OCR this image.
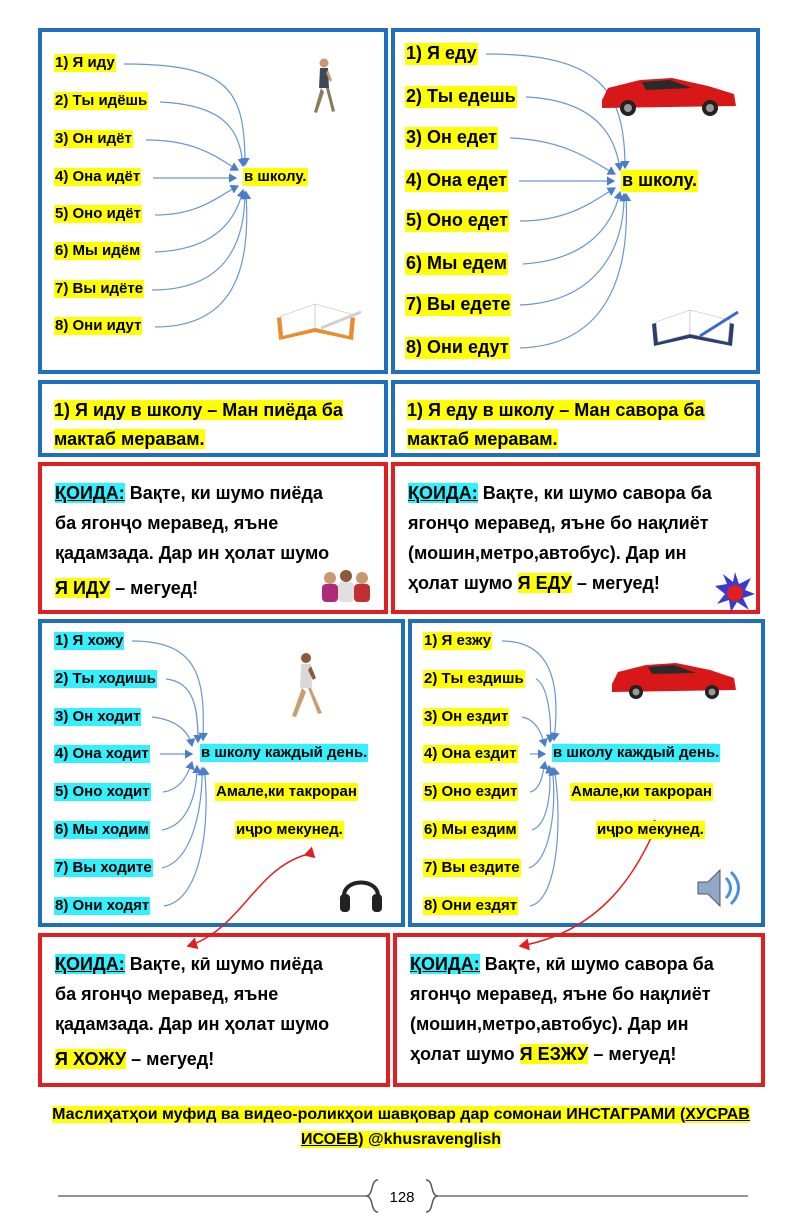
1) Я иду
2) Ты идёшь
3) Он идёт
4) Она идёт
5) Оно идёт
6) Мы идём
7) Вы идёте
8) Они идут
в школу.
1) Я еду
2) Ты едешь
3) Он едет
4) Она едет
5) Оно едет
6) Мы едем
7) Вы едете
8) Они едут
в школу.
1) Я иду в школу – Ман пиёда ба
мактаб меравам.
1) Я еду в школу – Ман савора ба
мактаб меравам.
ҚОИДА: Вақте, ки шумо пиёда
ба ягонҷо меравед, яъне
қадамзада. Дар ин ҳолат шумо
Я ИДУ – мегуед!
ҚОИДА: Вақте, ки шумо савора ба
ягонҷо меравед, яъне бо нақлиёт
(мошин,метро,автобус). Дар ин
ҳолат шумо Я ЕДУ – мегуед!
1) Я хожу
2) Ты ходишь
3) Он ходит
4) Она ходит
5) Оно ходит
6) Мы ходим
7) Вы ходите
8) Они ходят
в школу каждый день.
Амале,ки такроран
иҷро мекунед.
1) Я езжу
2) Ты ездишь
3) Он ездит
4) Она ездит
5) Оно ездит
6) Мы ездим
7) Вы ездите
8) Они ездят
в школу каждый день.
Амале,ки такроран
иҷро мекунед.
ҚОИДА: Вақте, кӣ шумо пиёда
ба ягонҷо меравед, яъне
қадамзада. Дар ин ҳолат шумо
Я ХОЖУ – мегуед!
ҚОИДА: Вақте, кӣ шумо савора ба
ягонҷо меравед, яъне бо нақлиёт
(мошин,метро,автобус). Дар ин
ҳолат шумо Я ЕЗЖУ – мегуед!
Маслиҳатҳои муфид ва видео-роликҳои шавқовар дар сомонаи ИНСТАГРАМИ (ХУСРАВ ИСОЕВ) @khusravenglish
128
